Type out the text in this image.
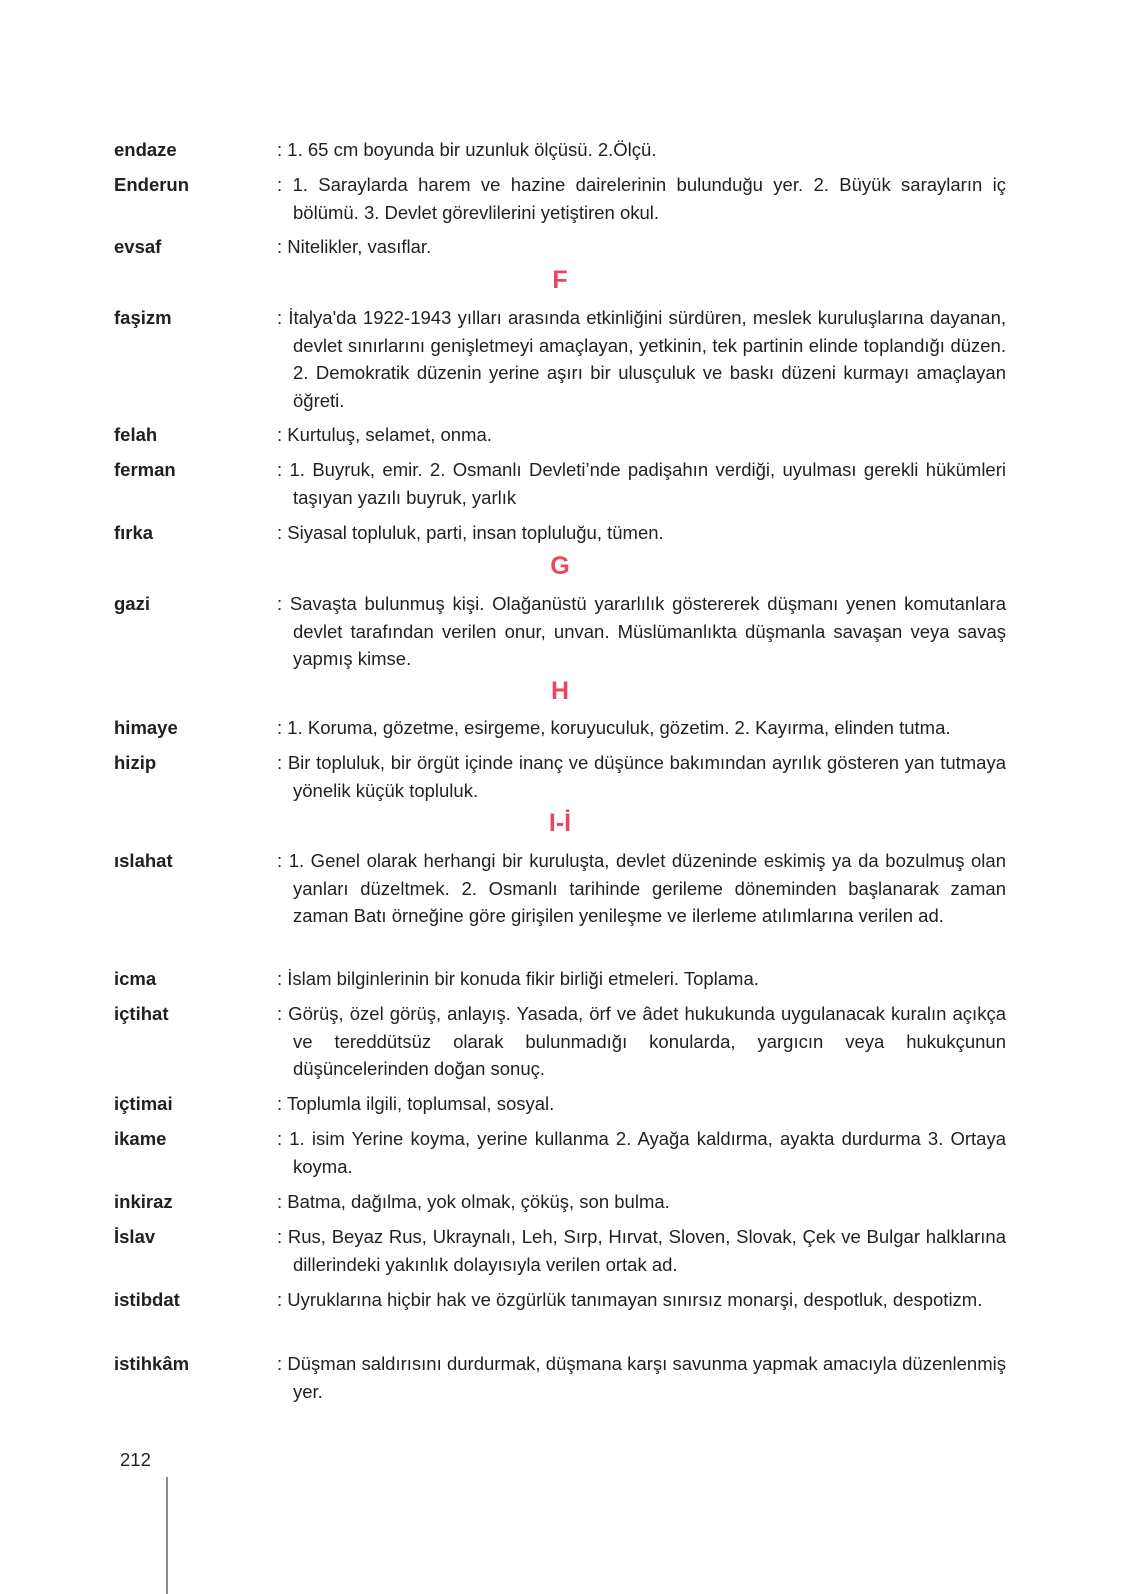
endaze	: 1. 65 cm boyunda bir uzunluk ölçüsü. 2.Ölçü.
Enderun	: 1. Saraylarda harem ve hazine dairelerinin bulunduğu yer. 2. Büyük sarayların iç bölümü. 3. Devlet görevlilerini yetiştiren okul.
evsaf	: Nitelikler, vasıflar.
F
faşizm	: İtalya'da 1922-1943 yılları arasında etkinliğini sürdüren, meslek kuruluşlarına dayanan, devlet sınırlarını genişletmeyi amaçlayan, yetkinin, tek partinin elinde toplandığı düzen. 2. Demokratik düzenin yerine aşırı bir ulusçuluk ve baskı düzeni kurmayı amaçlayan öğreti.
felah	: Kurtuluş, selamet, onma.
ferman	: 1. Buyruk, emir. 2. Osmanlı Devleti’nde padişahın verdiği, uyulması gerekli hükümleri taşıyan yazılı buyruk, yarlık
fırka	: Siyasal topluluk, parti, insan topluluğu, tümen.
G
gazi	: Savaşta bulunmuş kişi. Olağanüstü yararlılık göstererek düşmanı yenen komutanlara devlet tarafından verilen onur, unvan. Müslümanlıkta düşmanla savaşan veya savaş yapmış kimse.
H
himaye	: 1. Koruma, gözetme, esirgeme, koruyuculuk, gözetim. 2. Kayırma, elinden tutma.
hizip	: Bir topluluk, bir örgüt içinde inanç ve düşünce bakımından ayrılık gösteren yan tutmaya yönelik küçük topluluk.
I-İ
ıslahat	: 1. Genel olarak herhangi bir kuruluşta, devlet düzeninde eskimiş ya da bozulmuş olan yanları düzeltmek. 2. Osmanlı tarihinde gerileme döneminden başlanarak zaman zaman Batı örneğine göre girişilen yenileşme ve ilerleme atılımlarına verilen ad.
icma	: İslam bilginlerinin bir konuda fikir birliği etmeleri. Toplama.
içtihat	: Görüş, özel görüş, anlayış. Yasada, örf ve âdet hukukunda uygulanacak kuralın açıkça ve tereddütsüz olarak bulunmadığı konularda, yargıcın veya hukukçunun düşüncelerinden doğan sonuç.
içtimai	: Toplumla ilgili, toplumsal, sosyal.
ikame	: 1. isim Yerine koyma, yerine kullanma 2. Ayağa kaldırma, ayakta durdurma 3. Ortaya koyma.
inkiraz	: Batma, dağılma, yok olmak, çöküş, son bulma.
İslav	: Rus, Beyaz Rus, Ukraynalı, Leh, Sırp, Hırvat, Sloven, Slovak, Çek ve Bulgar halklarına dillerindeki yakınlık dolayısıyla verilen ortak ad.
istibdat	: Uyruklarına hiçbir hak ve özgürlük tanımayan sınırsız monarşi, despotluk, despotizm.
istihkâm	: Düşman saldırısını durdurmak, düşmana karşı savunma yapmak amacıyla düzenlenmiş yer.
212
